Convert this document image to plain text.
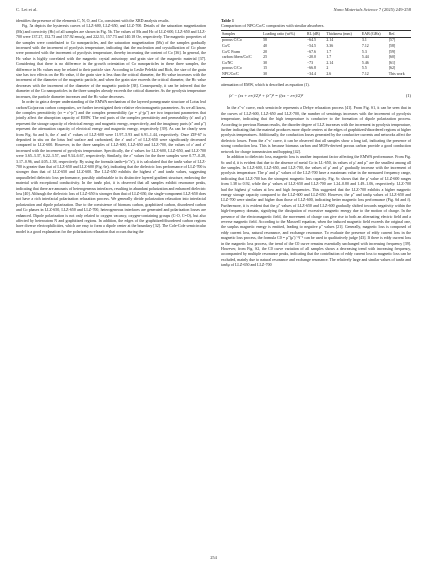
C. Lei et al.	Nano Materials Science 7 (2025) 249-258

identifies the presence of the elements C, N, O, and Co, consistent with the XRD analysis results.

Fig. 5a depicts the hysteresis curves of LLZ-600, LLZ-650, and LLZ-700. Details of the saturation magnetization (Ms) and coercivity (Hc) of all samples are shown in Fig. 5b. The values of Ms and Hc of LLZ-600, LLZ-650 and LLZ-700 were 137.27, 152.73 and 157.92 emu/g, and 222.51, 157.73 and 140.18 Oe, respectively. The magnetic properties of the samples were contributed to Co nanoparticles, and the saturation magnetization (Ms) of the samples gradually increased with the increment of pyrolysis temperature, indicating that the nucleation and crystallization of Co phase were promoted with the increment of pyrolysis temperature, thereby increasing the content of Co [36]. In general, the Hc value is highly correlated with the magnetic crystal anisotropy and grain size of the magnetic material [37]. Considering that there is no difference in the growth orientation of Co nanoparticles in these three samples, the difference in Hc values may be related to their particle size. According to Leslie Pelekhi and Rich, the size of the grain size has two effects on the Hc value, if the grain size is less than the critical diameter, the Hc value increases with the increment of the diameter of the magnetic particle, and when the grain size exceeds the critical diameter, the Hc value decreases with the increment of the diameter of the magnetic particle [38]. Consequently, it can be inferred that the diameter of the Co nanoparticles in the three samples already exceeds the critical diameter. As the pyrolysis temperature increases, the particle diameter increases and the Hc value decreases.

In order to gain a deeper understanding of the EMWA mechanism of the layered pomegranate structure of Lotus leaf carbon/Co/porous carbon composites, we further investigated their relative electromagnetic parameters. As we all know, the complex permittivity (εr = ε′-jε″) and the complex permeability (μr = μ′-jμ″) are two important parameters that jointly affect the absorption capacity of EMW. The real parts of the complex permittivity and permeability (ε′ and μ′) represent the storage capacity of electrical energy and magnetic energy, respectively, and the imaginary parts (ε″ and μ″) represent the attenuation capacity of electrical energy and magnetic energy, respectively [39]. As can be clearly seen from Fig. 6a and b, the ε′ and ε″ values of LLZ-600 were 11.97–5.93 and 6.91–1.44, respectively. Once ZIF-67 is deposited in situ on the lotus leaf surface and carbonized, the ε′ and ε″ of LLZ-650 were significantly decreased compared to LLZ-600. However, in the three samples of LLZ-600, LLZ-650 and LLZ-700, the values of ε′ and ε″ increased with the increment of pyrolysis temperature. Specifically, the ε′ values for LLZ-600, LLZ-650, and LLZ-700 were 3.65–3.37, 6.22–3.57, and 9.34–6.67, respectively. Similarly, the ε″ values for the three samples were 0.77–0.28, 3.17–0.96, and 4.05–1.38, respectively. By using the formula tanδε=(ε″/ε′), it is calculated that the tanδε value of LLZ-700 is greater than that of LLZ-650 and LLZ-600 (Fig. 6e), indicating that the dielectric loss performance of LLZ-700 is stronger than that of LLZ-650 and LLZ-600. The LLZ-650 exhibits the highest ε″ and tanδε values, suggesting unparalleled dielectric loss performance, possibly attributable to its distinctive layered gradient structure, endowing the material with exceptional conductivity. In the tanδε plot, it is observed that all samples exhibit resonance peaks, indicating that there are amounts of heterogeneous interfaces, resulting in abundant polarization and enhanced dielectric loss [40]. Although the dielectric loss of LLZ-650 is stronger than that of LLZ-650, the single-component LLZ-650 does not have a rich interfacial polarization relaxation process. We generally divide polarization relaxation into interfacial polarization and dipole polarization. Due to the coexistence of biomass carbon, graphitized carbon, disordered carbon and Co phases in LLZ-650, LLZ-650 and LLZ-700, heterogeneous interfaces are generated and polarization losses are enhanced. Dipole polarization is not only related to oxygen vacancy, oxygen-containing groups (C-O, C=O), but also affected by heteroatom N and graphitized regions. In addition, the edges of the graphitized/disordered carbon regions have diverse electrophilicities, which are easy to form a dipole center at the boundary [32]. The Cole-Cole semicircular model is a good explanation for the polarization relaxation that occurs during the

Table 1
Comparison of NPC/Co/C composites with similar absorbers.
Samples	Loading ratio (wt%)	RL (dB)	Thickness (mm)	EAB (GHz)	Ref.
porous C/Co	50	−64.5	2.14	3.1	[57]
Co/C	40	−54.5	3.36	7.12	[58]
Co/C Foam	20	−67.6	1.7	5.3	[59]
carbon fibers/Co/C	25	−20.0	1.7	5.44	[60]
Co/NC	30	−73	2.14	5.46	[61]
porous C/Co	15	−66.8	2	5.5	[62]
NPC/Co/C	30	−34.4	2.6	7.12	This work

attenuation of EMW, which is described as equation (1).

(ε′ − (εs + ε∞)/2)² + (ε″)² = ((εs − ε∞)/2)²	(1)

In the ε″-ε′ curve, each semicircle represents a Debye relaxation process [41]. From Fig. S1, it can be seen that in the curves of LLZ-600, LLZ-650 and LLZ-700, the number of semirings increases with the increment of pyrolysis temperature, indicating that the high temperature is conducive to the formation of dipole polarization process. According to previous Raman results, the disorder degree of LLZ increases with the increment in pyrolysis temperature, further indicating that the material produces more dipole centers at the edges of graphitized/disordered regions at higher pyrolysis temperatures. Additionally, the conduction losses generated by the conductive currents and networks affect the dielectric losses. From the ε″-ε′ curve, it can be observed that all samples show a long tail, indicating the presence of strong conduction loss. This is because biomass carbon and MOFs-derived porous carbon provide a good conduction network for charge transmission and hopping [42].

In addition to dielectric loss, magnetic loss is another important factor affecting the EMWA performance. From Fig. 6c and d, it is evident that due to the absence of metal Co in LL-650, its values of μ′ and μ″ are the smallest among all the samples. In LLZ-600, LLZ-650, and LLZ-700, the values of μ′ and μ″ gradually increase with the increment of pyrolysis temperature. The μ′ and μ″ values of the LLZ-700 have a maximum value in the measured frequency range, indicating that LLZ-700 has the strongest magnetic loss capacity. Fig. 6c shows that the μ′ value of LLZ-600 ranges from 1.38 to 0.92, while the μ′ values of LLZ-650 and LLZ-700 are 1.24–0.80 and 1.49–1.06, respectively. LLZ-700 had the highest μ′ values at low and high frequencies. This suggested that the LLZ-700 exhibits a higher magnetic energy storage capacity compared to the LLZ-600 and LLZ-650. However, the μ″ and tanδμ values of LLZ-650 and LLZ-700 were similar and higher than those of LLZ-600, indicating better magnetic loss performance (Fig. 6d and f). Furthermore, it is evident that the μ″ values of LLZ-650 and LLZ-600 gradually shifted towards negativity within the high-frequency domain, signifying the dissipation of excessive magnetic energy due to the motion of charge. In the presence of the electromagnetic field, the movement of charge can give rise to both an alternating electric field and a reverse magnetic field. According to the Maxwell equation, when the induced magnetic field exceeds the original one, the surplus magnetic energy is emitted, leading to negative μ″ values [21]. Generally, magnetic loss is composed of eddy current loss, natural resonance, and exchange resonance. To evaluate the presence of eddy current loss in the magnetic loss process, the formula C0 = μ″(μ′)⁻²f⁻¹ can be used to qualitatively judge [43]. If there is eddy current loss in the magnetic loss process, the trend of the C0 curve remains essentially unchanged with increasing frequency [39]. However, from Fig. S2, the C0 curve variation of all samples shows a decreasing trend with increasing frequency, accompanied by multiple resonance peaks, indicating that the contribution of eddy current loss to magnetic loss can be excluded, mainly due to natural resonance and exchange resonance. The relatively large and similar values of tanδε and tanδμ of LLZ-650 and LLZ-700

254
